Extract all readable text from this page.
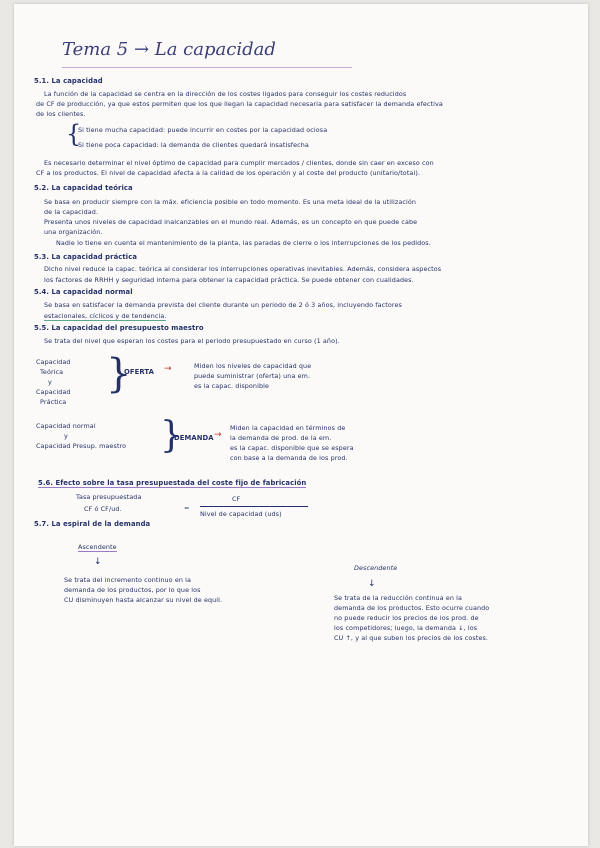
Tema 5 → La capacidad
5.1. La capacidad
La función de la capacidad se centra en la dirección de los costes ligados para conseguir los costes reducidos
de CF de producción, ya que estos permiten que los que llegan la capacidad necesaria para satisfacer la demanda efectiva
de los clientes.
{
Si tiene mucha capacidad: puede incurrir en costes por la capacidad ociosa
Si tiene poca capacidad: la demanda de clientes quedará insatisfecha
Es necesario determinar el nivel óptimo de capacidad para cumplir mercados / clientes, donde sin caer en exceso con
CF a los productos. El nivel de capacidad afecta a la calidad de los operación y al coste del producto (unitario/total).
5.2. La capacidad teórica
Se basa en producir siempre con la máx. eficiencia posible en todo momento. Es una meta ideal de la utilización
de la capacidad.
Presenta unos niveles de capacidad inalcanzables en el mundo real. Además, es un concepto en que puede cabe
una organización.
Nadie lo tiene en cuenta el mantenimiento de la planta, las paradas de cierre o los interrupciones de los pedidos.
5.3. La capacidad práctica
Dicho nivel reduce la capac. teórica al considerar los interrupciones operativas inevitables. Además, considera aspectos
los factores de RRHH y seguridad interna para obtener la capacidad práctica. Se puede obtener con cualidades.
5.4. La capacidad normal
Se basa en satisfacer la demanda prevista del cliente durante un periodo de 2 ó 3 años, incluyendo factores
estacionales, cíclicos y de tendencia.
5.5. La capacidad del presupuesto maestro
Se trata del nivel que esperan los costes para el periodo presupuestado en curso (1 año).
Capacidad
Teórica
y
Capacidad
Práctica
}
OFERTA →	Miden los niveles de capacidad que
puede suministrar (oferta) una em.
es la capac. disponible
Capacidad normal
y
Capacidad Presup. maestro }
DEMANDA →
Miden la capacidad en términos de
la demanda de prod. de la em.
es la capac. disponible que se espera
con base a la demanda de los prod.
5.6. Efecto sobre la tasa presupuestada del coste fijo de fabricación
Tasa presupuestada
CF ó CF/ud.	=
CF
Nivel de capacidad (uds)
5.7. La espiral de la demanda
Ascendente
↓
Se trata del incremento continuo en la
demanda de los productos, por lo que los
CU disminuyen hasta alcanzar su nivel de equil.
Descendente
↓
Se trata de la reducción continua en la
demanda de los productos. Esto ocurre cuando
no puede reducir los precios de los prod. de
los competidores; luego, la demanda ↓, los
CU ↑, y al que suben los precios de los costes.
